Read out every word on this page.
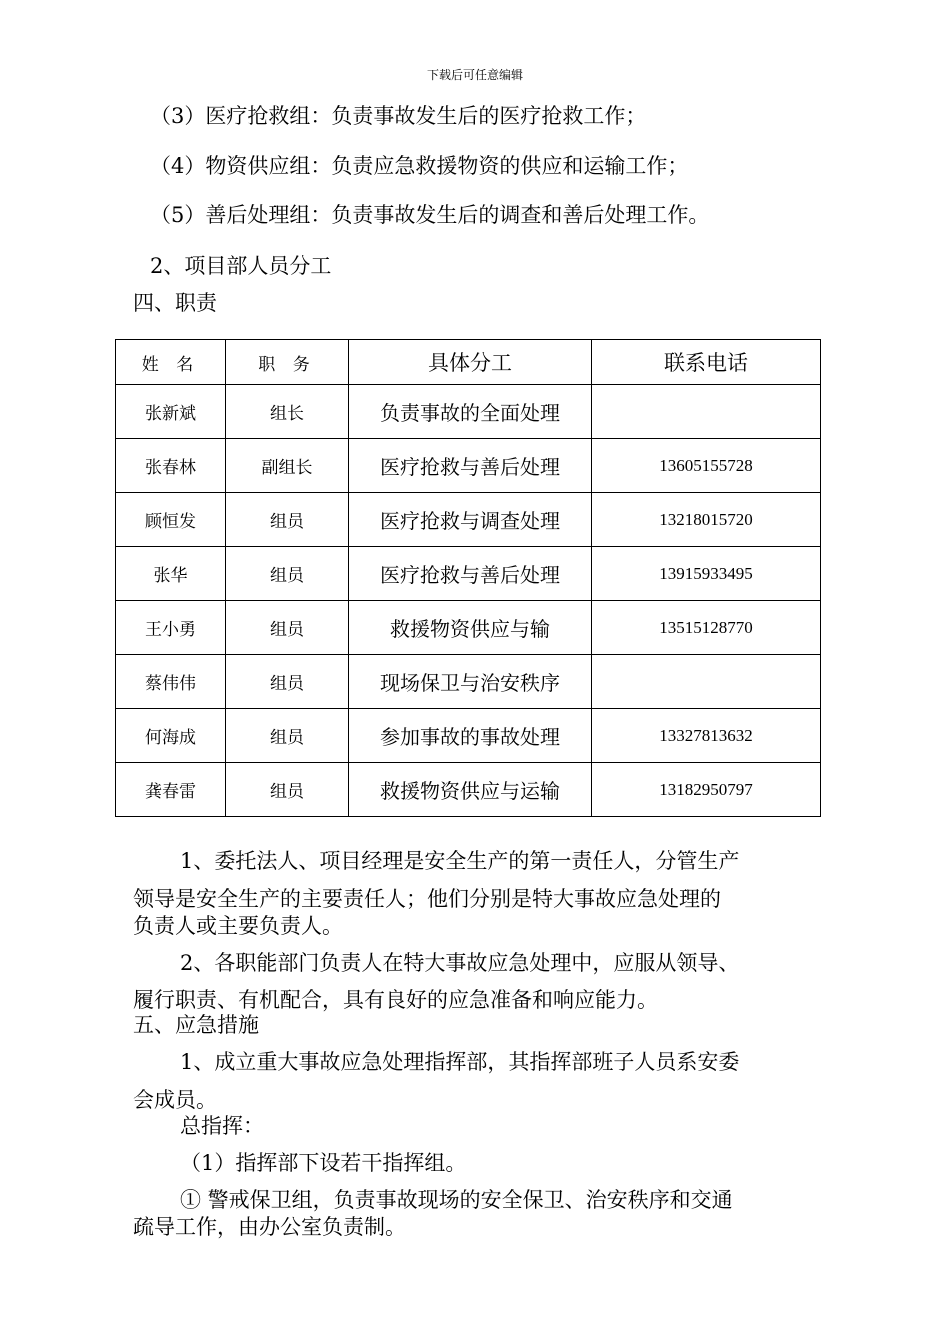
下载后可任意编辑
（3）医疗抢救组：负责事故发生后的医疗抢救工作；
（4）物资供应组：负责应急救援物资的供应和运输工作；
（5）善后处理组：负责事故发生后的调查和善后处理工作。
2、项目部人员分工
四、职责
姓 名	职 务	具体分工	联系电话
张新斌	组长	负责事故的全面处理	
张春林	副组长	医疗抢救与善后处理	13605155728
顾恒发	组员	医疗抢救与调查处理	13218015720
张华	组员	医疗抢救与善后处理	13915933495
王小勇	组员	救援物资供应与输	13515128770
蔡伟伟	组员	现场保卫与治安秩序	
何海成	组员	参加事故的事故处理	13327813632
龚春雷	组员	救援物资供应与运输	13182950797
1、委托法人、项目经理是安全生产的第一责任人，分管生产
领导是安全生产的主要责任人；他们分别是特大事故应急处理的
负责人或主要负责人。
2、各职能部门负责人在特大事故应急处理中，应服从领导、
履行职责、有机配合，具有良好的应急准备和响应能力。
五、应急措施
1、成立重大事故应急处理指挥部，其指挥部班子人员系安委
会成员。
总指挥：
（1）指挥部下设若干指挥组。
① 警戒保卫组，负责事故现场的安全保卫、治安秩序和交通
疏导工作，由办公室负责制。
